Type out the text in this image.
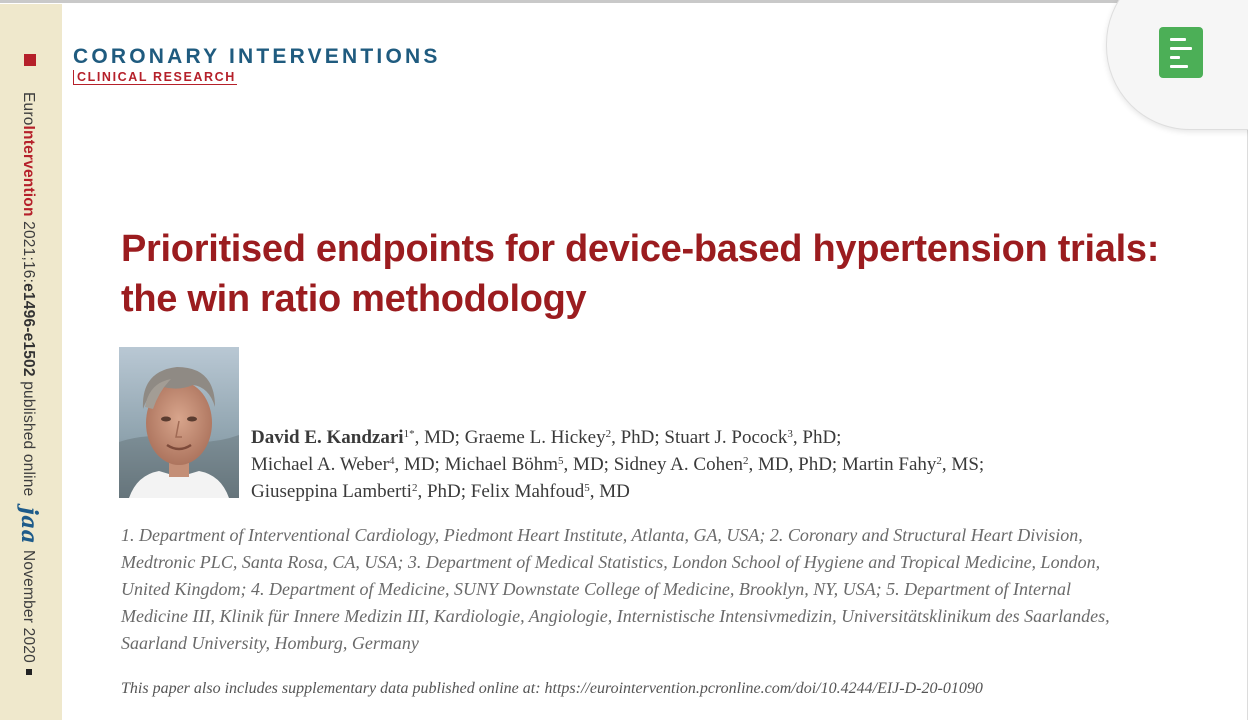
EuroIntervention 2021;16:e1496-e1502 published online jaaNovember 2020
CORONARY INTERVENTIONS
CLINICAL RESEARCH
Prioritised endpoints for device-based hypertension trials: the win ratio methodology
David E. Kandzari$^{1*}$, MD; Graeme L. Hickey$^2$, PhD; Stuart J. Pocock$^3$, PhD;
Michael A. Weber$^4$, MD; Michael Böhm$^5$, MD; Sidney A. Cohen$^2$, MD, PhD; Martin Fahy$^2$, MS;
Giuseppina Lamberti$^2$, PhD; Felix Mahfoud$^5$, MD

1. Department of Interventional Cardiology, Piedmont Heart Institute, Atlanta, GA, USA; 2. Coronary and Structural Heart Division, Medtronic PLC, Santa Rosa, CA, USA; 3. Department of Medical Statistics, London School of Hygiene and Tropical Medicine, London, United Kingdom; 4. Department of Medicine, SUNY Downstate College of Medicine, Brooklyn, NY, USA; 5. Department of Internal Medicine III, Klinik für Innere Medizin III, Kardiologie, Angiologie, Internistische Intensivmedizin, Universitätsklinikum des Saarlandes, Saarland University, Homburg, Germany

This paper also includes supplementary data published online at: https://eurointervention.pcronline.com/doi/10.4244/EIJ-D-20-01090
